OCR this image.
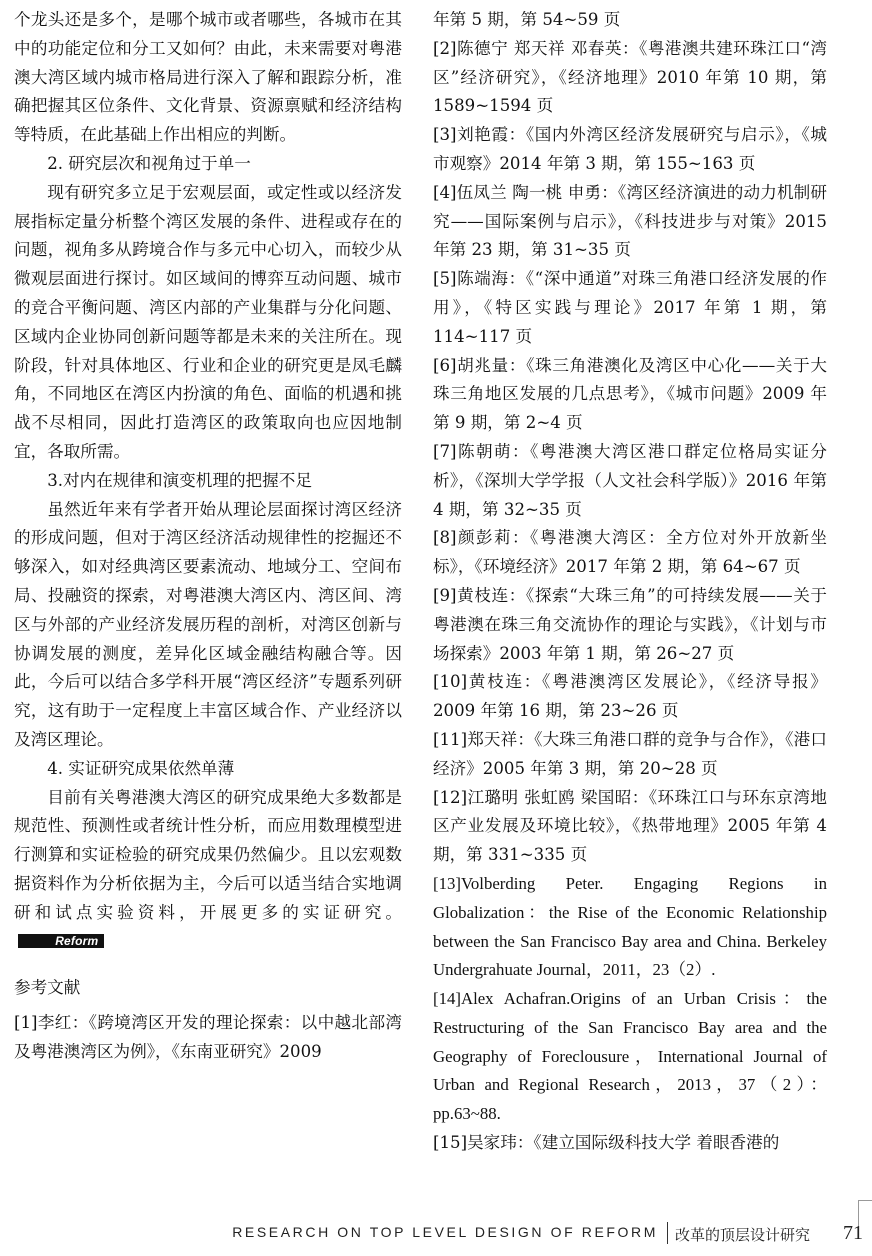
个龙头还是多个，是哪个城市或者哪些，各城市在其中的功能定位和分工又如何？由此，未来需要对粤港澳大湾区域内城市格局进行深入了解和跟踪分析，准确把握其区位条件、文化背景、资源禀赋和经济结构等特质，在此基础上作出相应的判断。

2. 研究层次和视角过于单一

现有研究多立足于宏观层面，或定性或以经济发展指标定量分析整个湾区发展的条件、进程或存在的问题，视角多从跨境合作与多元中心切入，而较少从微观层面进行探讨。如区域间的博弈互动问题、城市的竞合平衡问题、湾区内部的产业集群与分化问题、区域内企业协同创新问题等都是未来的关注所在。现阶段，针对具体地区、行业和企业的研究更是凤毛麟角，不同地区在湾区内扮演的角色、面临的机遇和挑战不尽相同，因此打造湾区的政策取向也应因地制宜，各取所需。

3.对内在规律和演变机理的把握不足

虽然近年来有学者开始从理论层面探讨湾区经济的形成问题，但对于湾区经济活动规律性的挖掘还不够深入，如对经典湾区要素流动、地域分工、空间布局、投融资的探索，对粤港澳大湾区内、湾区间、湾区与外部的产业经济发展历程的剖析，对湾区创新与协调发展的测度，差异化区域金融结构融合等。因此，今后可以结合多学科开展“湾区经济”专题系列研究，这有助于一定程度上丰富区域合作、产业经济以及湾区理论。

4. 实证研究成果依然单薄

目前有关粤港澳大湾区的研究成果绝大多数都是规范性、预测性或者统计性分析，而应用数理模型进行测算和实证检验的研究成果仍然偏少。且以宏观数据资料作为分析依据为主，今后可以适当结合实地调研和试点实验资料，开展更多的实证研究。Reform

参考文献

[1]李红：《跨境湾区开发的理论探索：以中越北部湾及粤港澳湾区为例》，《东南亚研究》2009

年第 5 期，第 54~59 页

[2]陈德宁 郑天祥 邓春英：《粤港澳共建环珠江口“湾区”经济研究》，《经济地理》2010 年第 10 期，第 1589~1594 页

[3]刘艳霞：《国内外湾区经济发展研究与启示》，《城市观察》2014 年第 3 期，第 155~163 页

[4]伍凤兰 陶一桃 申勇：《湾区经济演进的动力机制研究——国际案例与启示》，《科技进步与对策》2015 年第 23 期，第 31~35 页

[5]陈端海：《“深中通道”对珠三角港口经济发展的作用》，《特区实践与理论》2017 年第 1 期，第 114~117 页

[6]胡兆量：《珠三角港澳化及湾区中心化——关于大珠三角地区发展的几点思考》，《城市问题》2009 年第 9 期，第 2~4 页

[7]陈朝萌：《粤港澳大湾区港口群定位格局实证分析》，《深圳大学学报（人文社会科学版）》2016 年第 4 期，第 32~35 页

[8]颜彭莉：《粤港澳大湾区：全方位对外开放新坐标》，《环境经济》2017 年第 2 期，第 64~67 页

[9]黄枝连：《探索“大珠三角”的可持续发展——关于粤港澳在珠三角交流协作的理论与实践》，《计划与市场探索》2003 年第 1 期，第 26~27 页

[10]黄枝连：《粤港澳湾区发展论》，《经济导报》2009 年第 16 期，第 23~26 页

[11]郑天祥：《大珠三角港口群的竞争与合作》，《港口经济》2005 年第 3 期，第 20~28 页

[12]江璐明 张虹鸥 梁国昭：《环珠江口与环东京湾地区产业发展及环境比较》，《热带地理》2005 年第 4 期，第 331~335 页

[13]Volberding Peter. Engaging Regions in Globalization：the Rise of the Economic Relationship between the San Francisco Bay area and China. Berkeley Undergrahuate Journal，2011，23（2）.

[14]Alex Achafran.Origins of an Urban Crisis：the Restructuring of the San Francisco Bay area and the Geography of Foreclousure，International Journal of Urban and Regional Research，2013，37（2）：pp.63~88.

[15]吴家玮：《建立国际级科技大学 着眼香港的

RESEARCH ON TOP LEVEL DESIGN OF REFORM 改革的顶层设计研究 71
